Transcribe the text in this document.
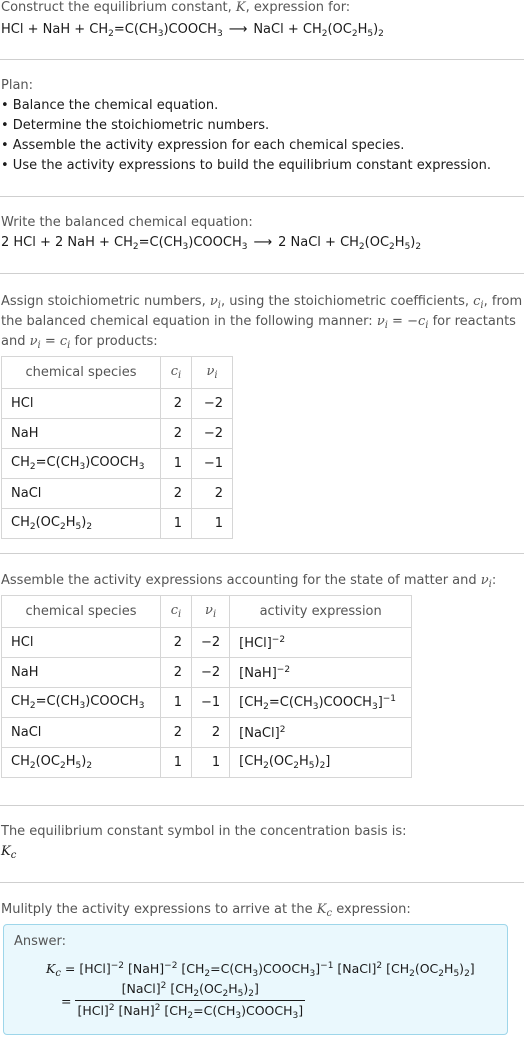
Construct the equilibrium constant, K, expression for:
HCl + NaH + $CH_2=C(CH_3)COOCH_3$ ⟶ NaCl + $CH_2(OC_2H_5)_2$
Plan:
• Balance the chemical equation.
• Determine the stoichiometric numbers.
• Assemble the activity expression for each chemical species.
• Use the activity expressions to build the equilibrium constant expression.
Write the balanced chemical equation:
2 HCl + 2 NaH + $CH_2=C(CH_3)COOCH_3$ ⟶ 2 NaCl + $CH_2(OC_2H_5)_2$
Assign stoichiometric numbers, $\nu_i$, using the stoichiometric coefficients, $c_i$, from
the balanced chemical equation in the following manner: $\nu_i = -c_i$ for reactants
and $\nu_i = c_i$ for products:
chemical species	$c_i$	$\nu_i$
HCl	2	−2
NaH	2	−2
$CH_2=C(CH_3)COOCH_3$	1	−1
NaCl	2	2
$CH_2(OC_2H_5)_2$	1	1
Assemble the activity expressions accounting for the state of matter and $\nu_i$:
chemical species	$c_i$	$\nu_i$	activity expression
HCl	2	−2	[HCl]$^{-2}$
NaH	2	−2	[NaH]$^{-2}$
$CH_2=C(CH_3)COOCH_3$	1	−1	$[CH_2=C(CH_3)COOCH_3]^{-1}$
NaCl	2	2	[NaCl]$^2$
$CH_2(OC_2H_5)_2$	1	1	$[CH_2(OC_2H_5)_2]$
The equilibrium constant symbol in the concentration basis is:
$K_c$
Mulitply the activity expressions to arrive at the $K_c$ expression:
Answer:
$K_c = [HCl]^{-2}$ [NaH]$^{-2}$ $[CH_2=C(CH_3)COOCH_3]^{-1}$ [NaCl]$^2$ $[CH_2(OC_2H_5)_2]$
= $\frac{[NaCl]^2 [CH_2(OC_2H_5)_2]}{[HCl]^2 [NaH]^2 [CH_2=C(CH_3)COOCH_3]}$
